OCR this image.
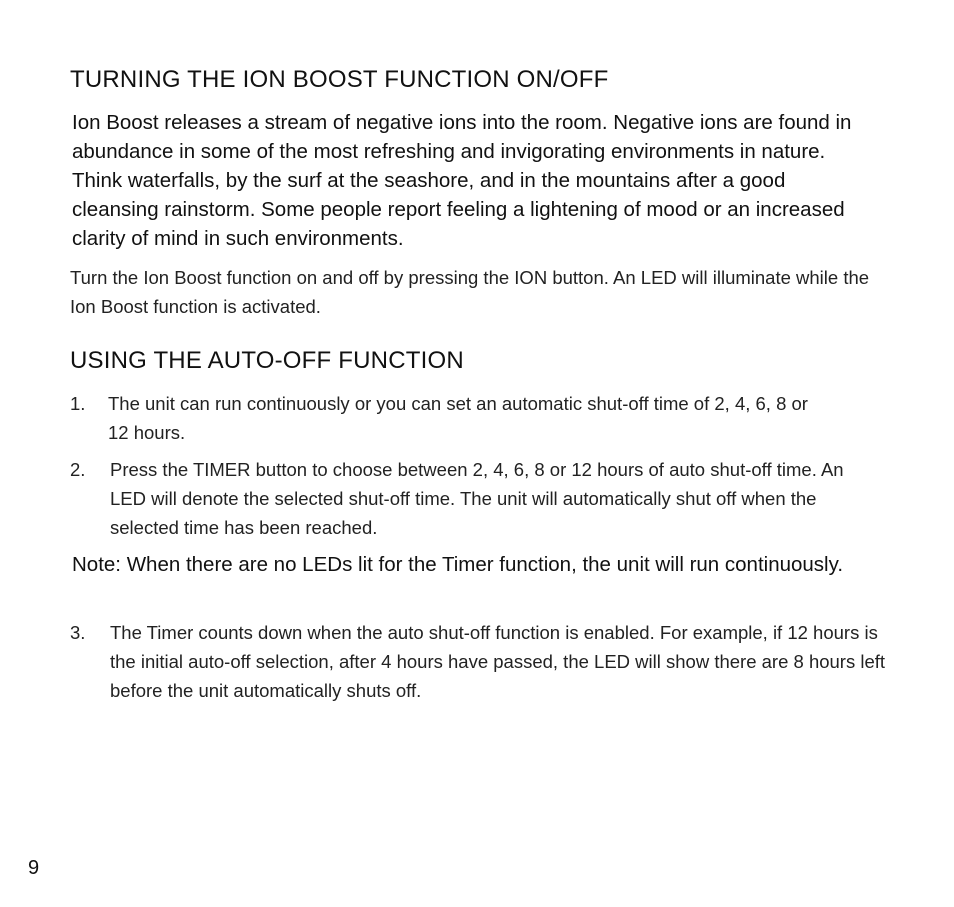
TURNING THE ION BOOST FUNCTION ON/OFF

Ion Boost releases a stream of negative ions into the room. Negative ions are found in abundance in some of the most refreshing and invigorating environments in nature. Think waterfalls, by the surf at the seashore, and in the mountains after a good cleansing rainstorm. Some people report feeling a lightening of mood or an increased clarity of mind in such environments.

Turn the Ion Boost function on and off by pressing the ION button. An LED will illuminate while the Ion Boost function is activated.

USING THE AUTO-OFF FUNCTION
1. The unit can run continuously or you can set an automatic shut-off time of 2, 4, 6, 8 or 12 hours.
2. Press the TIMER button to choose between 2, 4, 6, 8 or 12 hours of auto shut-off time. An LED will denote the selected shut-off time. The unit will automatically shut off when the selected time has been reached.

Note: When there are no LEDs lit for the Timer function, the unit will run continuously.

3. The Timer counts down when the auto shut-off function is enabled. For example, if 12 hours is the initial auto-off selection, after 4 hours have passed, the LED will show there are 8 hours left before the unit automatically shuts off.
9
